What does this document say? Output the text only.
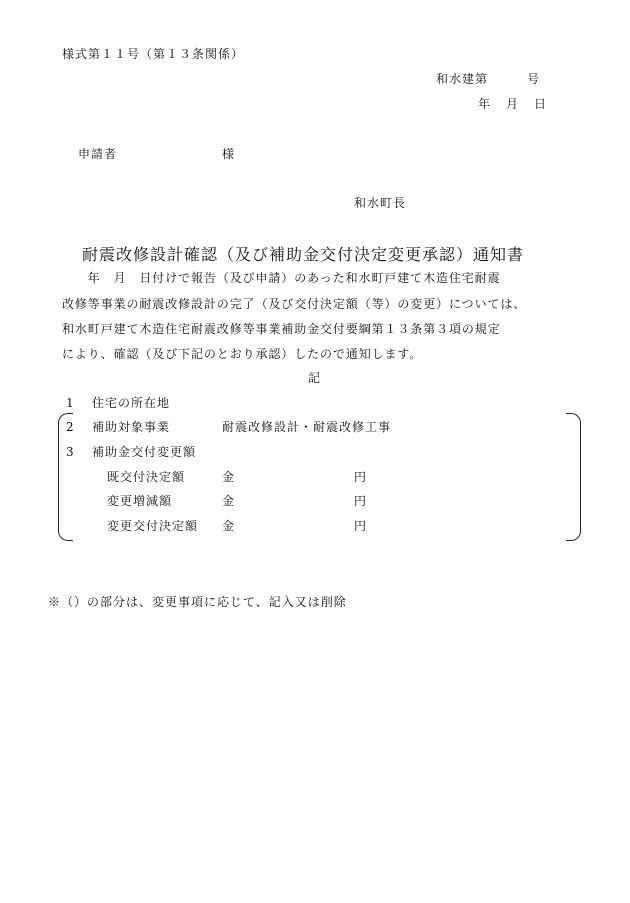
様式第１１号（第１３条関係）
和水建第　　　号
年　月　日
申請者	様
和水町長
耐震改修設計確認（及び補助金交付決定変更承認）通知書
　　年　月　日付けで報告（及び申請）のあった和水町戸建て木造住宅耐震
改修等事業の耐震改修設計の完了（及び交付決定額（等）の変更）については、
和水町戸建て木造住宅耐震改修等事業補助金交付要綱第１３条第３項の規定
により、確認（及び下記のとおり承認）したので通知します。
記
1 住宅の所在地
2 補助対象事業	耐震改修設計・耐震改修工事
3 補助金交付変更額
既交付決定額	金	円
変更増減額	金	円
変更交付決定額 金	円
※（）の部分は、変更事項に応じて、記入又は削除
